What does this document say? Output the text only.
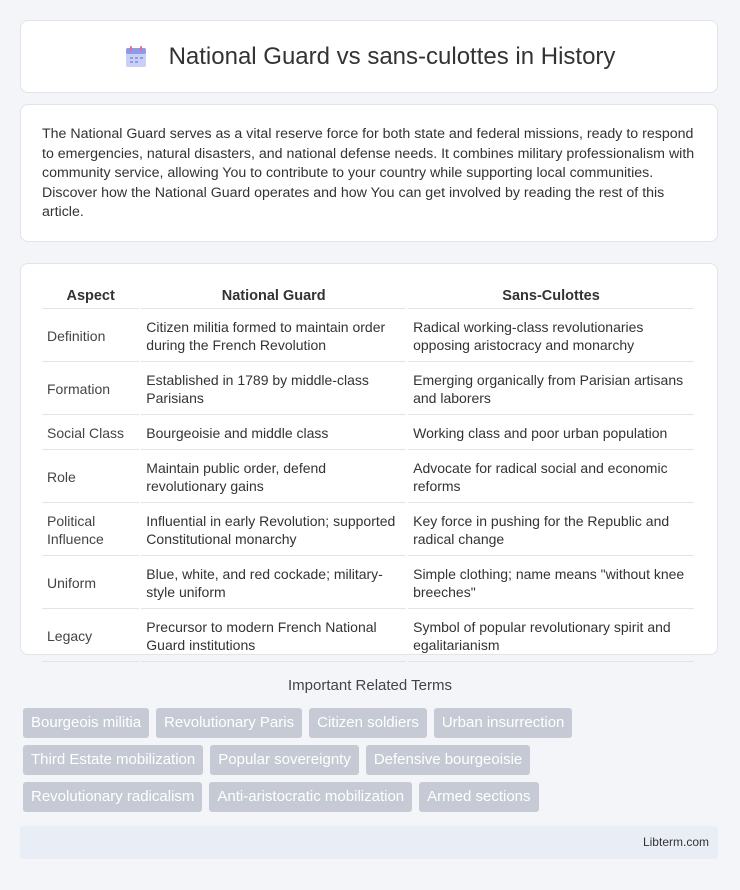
National Guard vs sans-culottes in History

The National Guard serves as a vital reserve force for both state and federal missions, ready to respond to emergencies, natural disasters, and national defense needs. It combines military professionalism with community service, allowing You to contribute to your country while supporting local communities. Discover how the National Guard operates and how You can get involved by reading the rest of this article.

Aspect	National Guard	Sans-Culottes
Definition	Citizen militia formed to maintain order during the French Revolution	Radical working-class revolutionaries opposing aristocracy and monarchy
Formation	Established in 1789 by middle-class Parisians	Emerging organically from Parisian artisans and laborers
Social Class	Bourgeoisie and middle class	Working class and poor urban population
Role	Maintain public order, defend revolutionary gains	Advocate for radical social and economic reforms
Political Influence	Influential in early Revolution; supported Constitutional monarchy	Key force in pushing for the Republic and radical change
Uniform	Blue, white, and red cockade; military-style uniform	Simple clothing; name means "without knee breeches"
Legacy	Precursor to modern French National Guard institutions	Symbol of popular revolutionary spirit and egalitarianism
Important Related Terms
Bourgeois militia	Revolutionary Paris	Citizen soldiers	Urban insurrection
Third Estate mobilization	Popular sovereignty	Defensive bourgeoisie
Revolutionary radicalism	Anti-aristocratic mobilization	Armed sections
Libterm.com
